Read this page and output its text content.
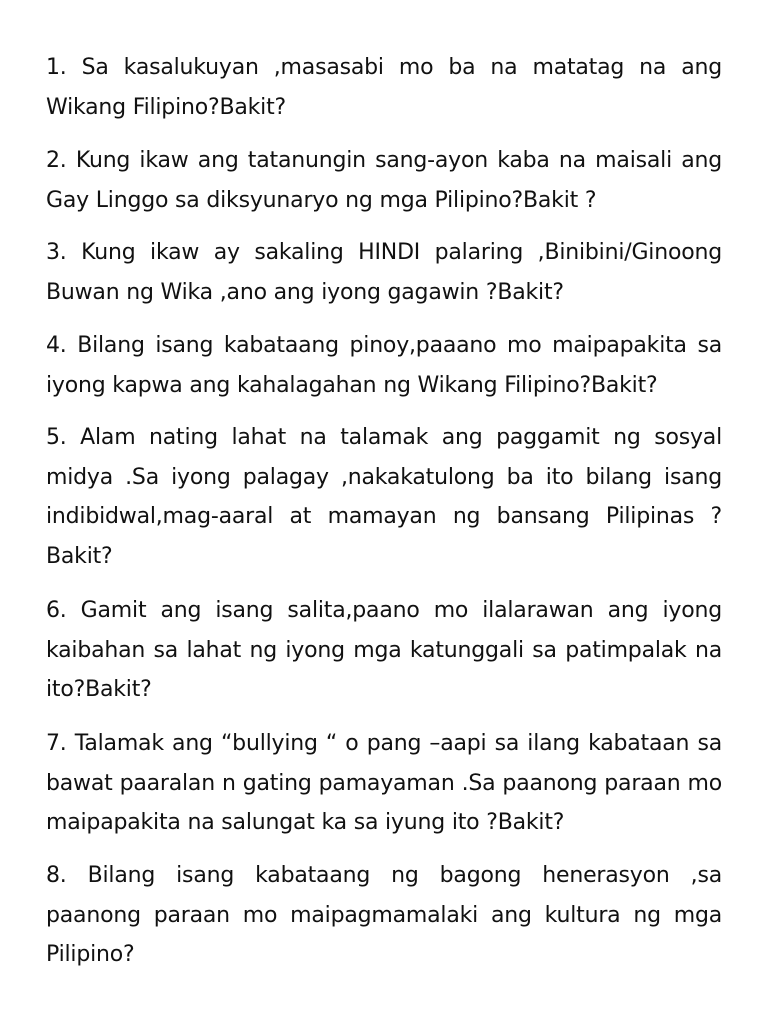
1. Sa kasalukuyan ,masasabi mo ba na matatag na ang Wikang Filipino?Bakit?

2. Kung ikaw ang tatanungin sang-ayon kaba na maisali ang Gay Linggo sa diksyunaryo ng mga Pilipino?Bakit ?

3. Kung ikaw ay sakaling HINDI palaring ,Binibini/Ginoong Buwan ng Wika ,ano ang iyong gagawin ?Bakit?

4. Bilang isang kabataang pinoy,paaano mo maipapakita sa iyong kapwa ang kahalagahan ng Wikang Filipino?Bakit?

5. Alam nating lahat na talamak ang paggamit ng sosyal midya .Sa iyong palagay ,nakakatulong ba ito bilang isang indibidwal,mag-aaral at mamayan ng bansang Pilipinas ? Bakit?

6. Gamit ang isang salita,paano mo ilalarawan ang iyong kaibahan sa lahat ng iyong mga katunggali sa patimpalak na ito?Bakit?

7. Talamak ang “bullying “ o pang –aapi sa ilang kabataan sa bawat paaralan n gating pamayaman .Sa paanong paraan mo maipapakita na salungat ka sa iyung ito ?Bakit?

8. Bilang isang kabataang ng bagong henerasyon ,sa paanong paraan mo maipagmamalaki ang kultura ng mga Pilipino?
